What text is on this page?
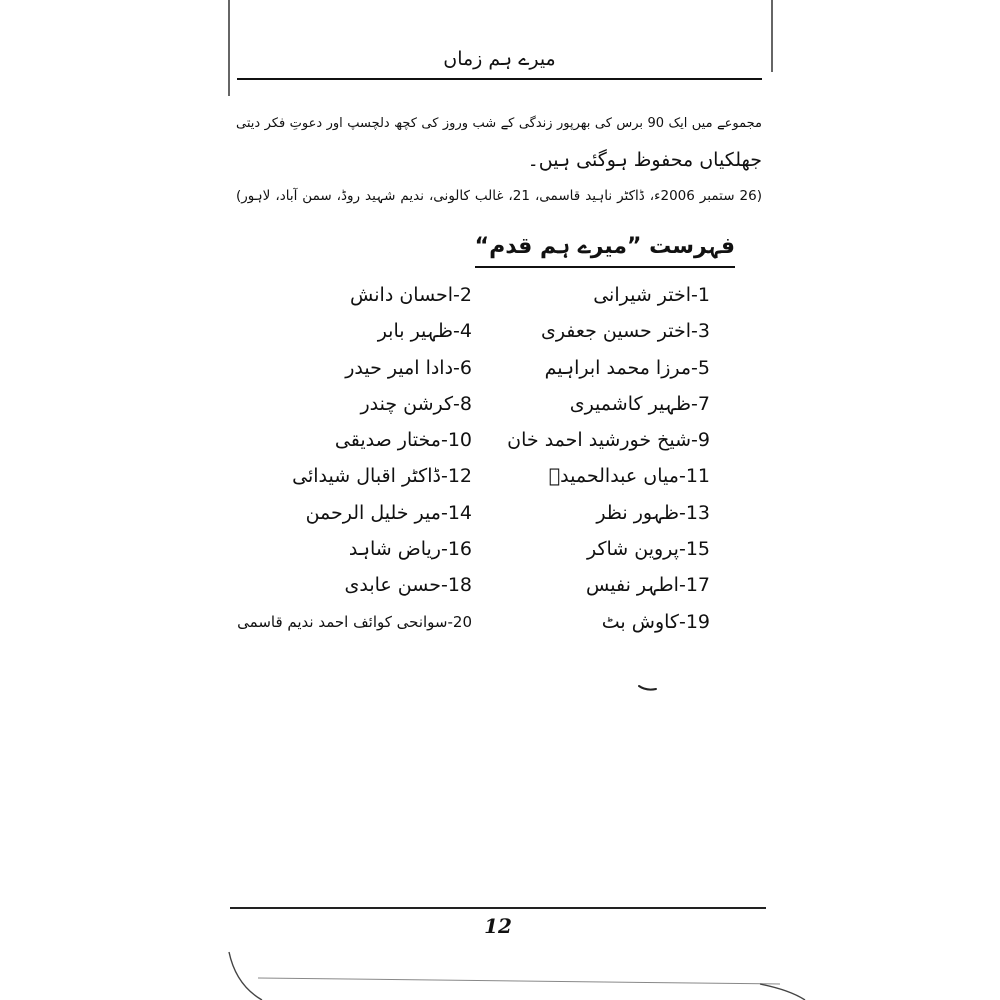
میرے ہم زماں
مجموعے میں ایک 90 برس کی بھرپور زندگی کے شب وروز کی کچھ دلچسپ اور دعوتِ فکر دیتی
جھلکیاں محفوظ ہوگئی ہیں۔
(26 ستمبر 2006ء، ڈاکٹر ناہید قاسمی، 21، غالب کالونی، ندیم شہید روڈ، سمن آباد، لاہور)
فہرست ”میرے ہم قدم“
1-اختر شیرانی
3-اختر حسین جعفری
5-مرزا محمد ابراہیم
7-ظہیر کاشمیری
9-شیخ خورشید احمد خان
11-میاں عبدالحمیدؒ
13-ظہور نظر
15-پروین شاکر
17-اطہر نفیس
19-کاوش بٹ
2-احسان دانش
4-ظہیر بابر
6-دادا امیر حیدر
8-کرشن چندر
10-مختار صدیقی
12-ڈاکٹر اقبال شیدائی
14-میر خلیل الرحمن
16-ریاض شاہد
18-حسن عابدی
20-سوانحی کوائف احمد ندیم قاسمی
12
